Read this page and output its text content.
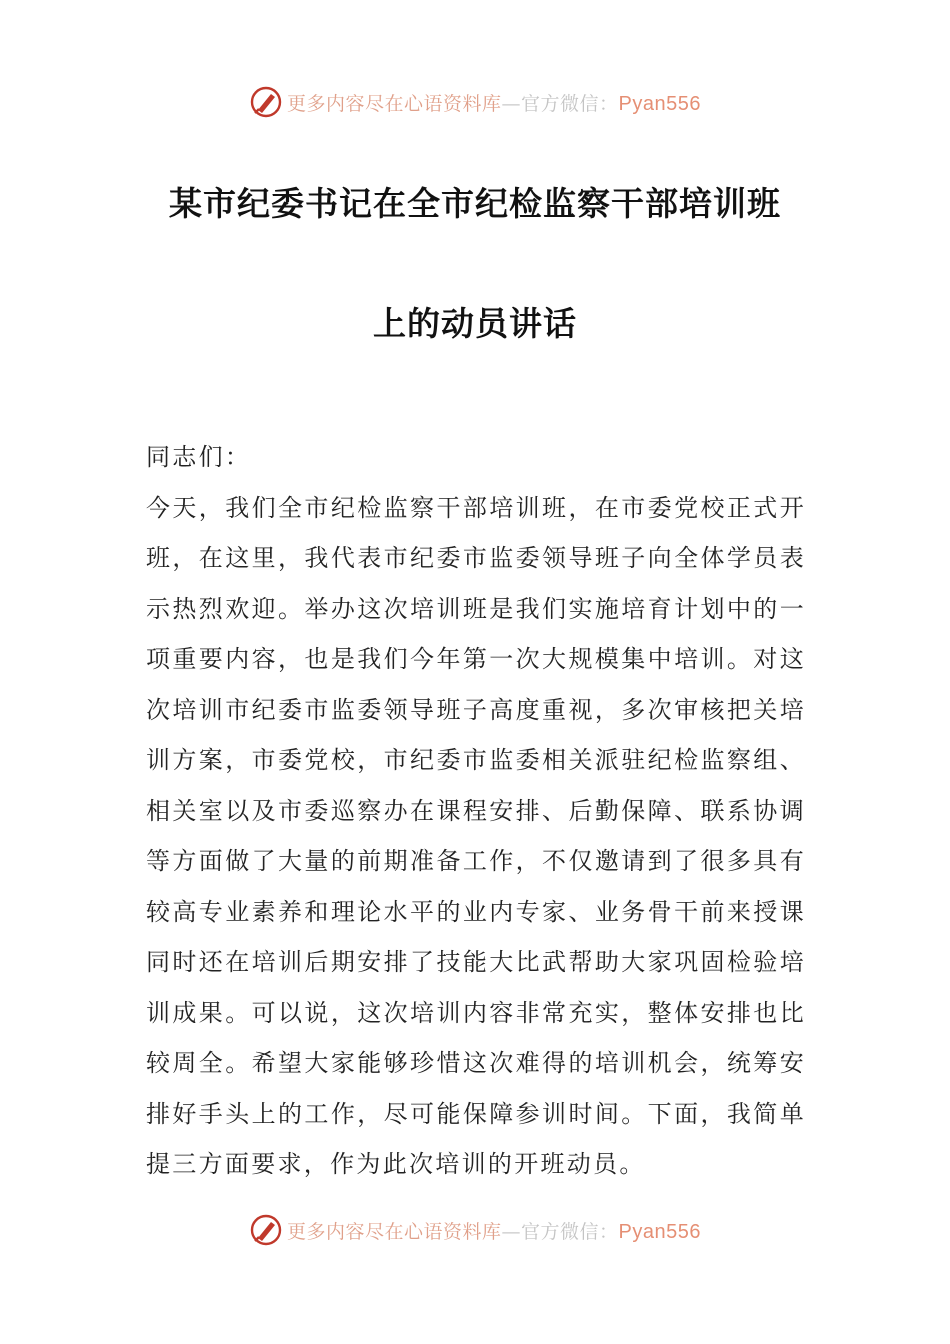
更多内容尽在心语资料库—官方微信：Pyan556
某市纪委书记在全市纪检监察干部培训班
上的动员讲话

同志们：

今天，我们全市纪检监察干部培训班，在市委党校正式开班，在这里，我代表市纪委市监委领导班子向全体学员表示热烈欢迎。举办这次培训班是我们实施培育计划中的一项重要内容，也是我们今年第一次大规模集中培训。对这次培训市纪委市监委领导班子高度重视，多次审核把关培训方案，市委党校，市纪委市监委相关派驻纪检监察组、相关室以及市委巡察办在课程安排、后勤保障、联系协调等方面做了大量的前期准备工作，不仅邀请到了很多具有较高专业素养和理论水平的业内专家、业务骨干前来授课同时还在培训后期安排了技能大比武帮助大家巩固检验培训成果。可以说，这次培训内容非常充实，整体安排也比较周全。希望大家能够珍惜这次难得的培训机会，统筹安排好手头上的工作，尽可能保障参训时间。下面，我简单提三方面要求，作为此次培训的开班动员。

更多内容尽在心语资料库—官方微信：Pyan556
